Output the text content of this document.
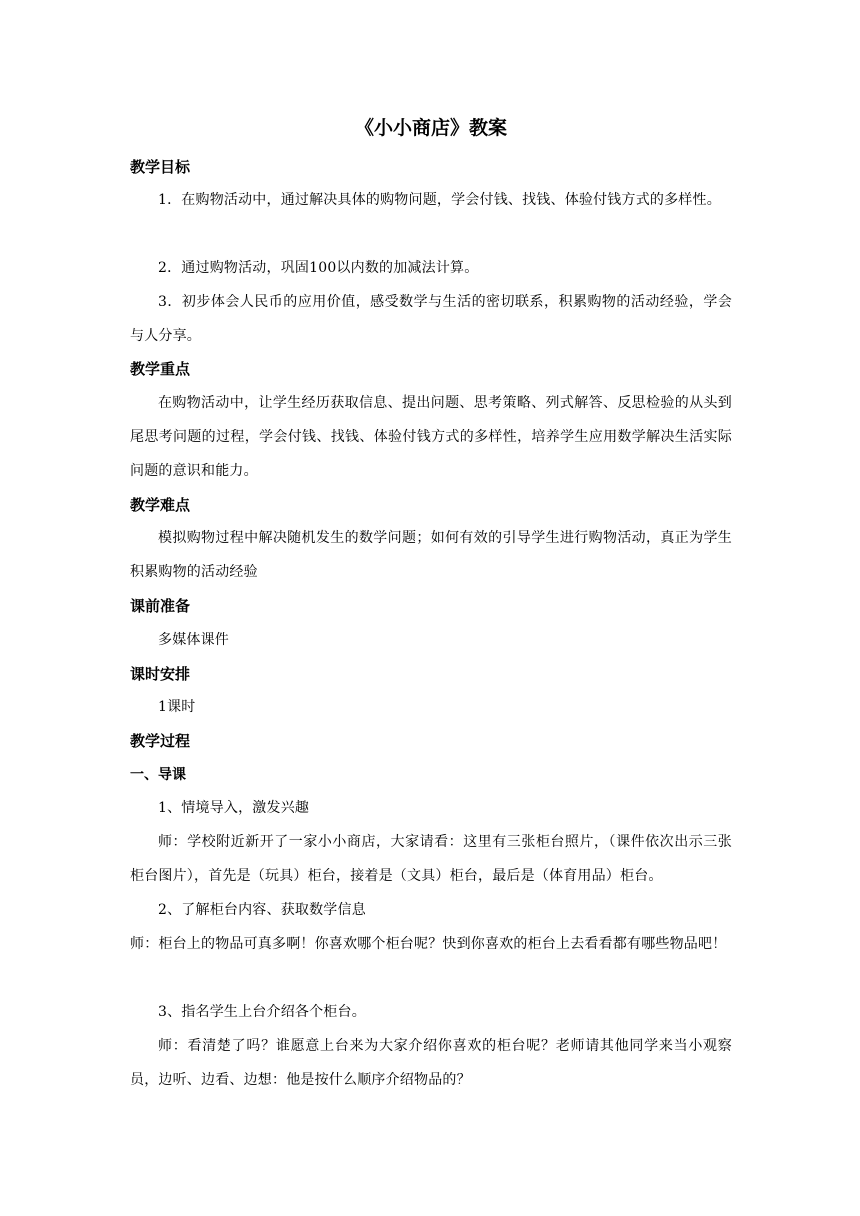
《小小商店》教案
教学目标
1．在购物活动中，通过解决具体的购物问题，学会付钱、找钱、体验付钱方式的多样性。
2．通过购物活动，巩固100以内数的加减法计算。
3．初步体会人民币的应用价值，感受数学与生活的密切联系，积累购物的活动经验，学会与人分享。
教学重点
在购物活动中，让学生经历获取信息、提出问题、思考策略、列式解答、反思检验的从头到尾思考问题的过程，学会付钱、找钱、体验付钱方式的多样性，培养学生应用数学解决生活实际问题的意识和能力。
教学难点
模拟购物过程中解决随机发生的数学问题；如何有效的引导学生进行购物活动，真正为学生积累购物的活动经验
课前准备
多媒体课件
课时安排
1课时
教学过程
一、导课
1、情境导入，激发兴趣
师：学校附近新开了一家小小商店，大家请看：这里有三张柜台照片，（课件依次出示三张柜台图片），首先是（玩具）柜台，接着是（文具）柜台，最后是（体育用品）柜台。
2、了解柜台内容、获取数学信息
师：柜台上的物品可真多啊！你喜欢哪个柜台呢？快到你喜欢的柜台上去看看都有哪些物品吧！
3、指名学生上台介绍各个柜台。
师：看清楚了吗？谁愿意上台来为大家介绍你喜欢的柜台呢？老师请其他同学来当小观察员，边听、边看、边想：他是按什么顺序介绍物品的？
